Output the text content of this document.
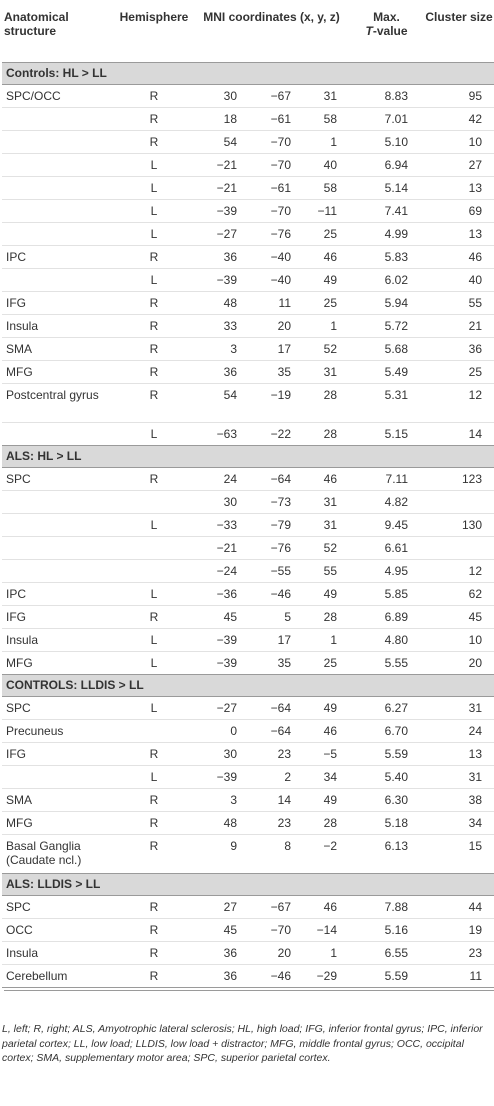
Anatomical structure	Hemisphere	MNI coordinates (x, y, z)			Max.
T-value	Cluster size
Controls: HL > LL						
SPC/OCC	R	30	−67	31	8.83	95
	R	18	−61	58	7.01	42
	R	54	−70	1	5.10	10
	L	−21	−70	40	6.94	27
	L	−21	−61	58	5.14	13
	L	−39	−70	−11	7.41	69
	L	−27	−76	25	4.99	13
IPC	R	36	−40	46	5.83	46
	L	−39	−40	49	6.02	40
IFG	R	48	11	25	5.94	55
Insula	R	33	20	1	5.72	21
SMA	R	3	17	52	5.68	36
MFG	R	36	35	31	5.49	25
Postcentral gyrus	R	54	−19	28	5.31	12
	L	−63	−22	28	5.15	14
ALS: HL > LL						
SPC	R	24	−64	46	7.11	123
		30	−73	31	4.82	
	L	−33	−79	31	9.45	130
		−21	−76	52	6.61	
		−24	−55	55	4.95	12
IPC	L	−36	−46	49	5.85	62
IFG	R	45	5	28	6.89	45
Insula	L	−39	17	1	4.80	10
MFG	L	−39	35	25	5.55	20
CONTROLS: LLDIS > LL						
SPC	L	−27	−64	49	6.27	31
Precuneus		0	−64	46	6.70	24
IFG	R	30	23	−5	5.59	13
	L	−39	2	34	5.40	31
SMA	R	3	14	49	6.30	38
MFG	R	48	23	28	5.18	34
Basal Ganglia (Caudate ncl.)	R	9	8	−2	6.13	15
ALS: LLDIS > LL						
SPC	R	27	−67	46	7.88	44
OCC	R	45	−70	−14	5.16	19
Insula	R	36	20	1	6.55	23
Cerebellum	R	36	−46	−29	5.59	11
L, left; R, right; ALS, Amyotrophic lateral sclerosis; HL, high load; IFG, inferior frontal gyrus; IPC, inferior parietal cortex; LL, low load; LLDIS, low load + distractor; MFG, middle frontal gyrus; OCC, occipital cortex; SMA, supplementary motor area; SPC, superior parietal cortex.
